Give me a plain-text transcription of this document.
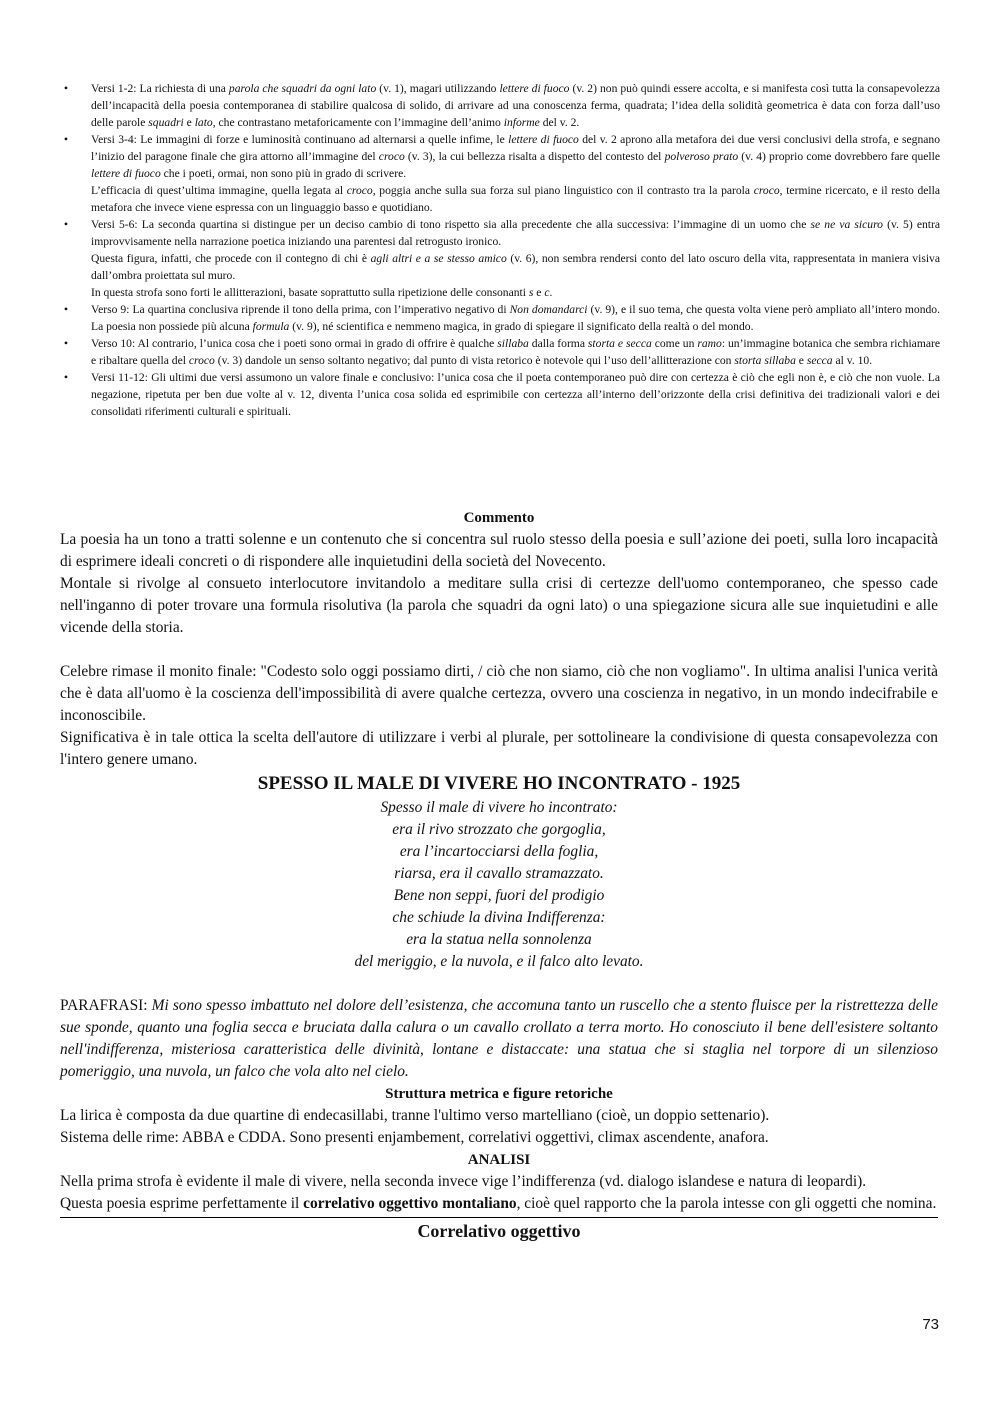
•	Versi 1-2: La richiesta di una parola che squadri da ogni lato (v. 1), magari utilizzando lettere di fuoco (v. 2) non può quindi essere accolta, e si manifesta così tutta la consapevolezza dell’incapacità della poesia contemporanea di stabilire qualcosa di solido, di arrivare ad una conoscenza ferma, quadrata; l’idea della solidità geometrica è data con forza dall’uso delle parole squadri e lato, che contrastano metaforicamente con l’immagine dell’animo informe del v. 2.

•	Versi 3-4: Le immagini di forze e luminosità continuano ad alternarsi a quelle infime, le lettere di fuoco del v. 2 aprono alla metafora dei due versi conclusivi della strofa, e segnano l’inizio del paragone finale che gira attorno all’immagine del croco (v. 3), la cui bellezza risalta a dispetto del contesto del polveroso prato (v. 4) proprio come dovrebbero fare quelle lettere di fuoco che i poeti, ormai, non sono più in grado di scrivere.

L’efficacia di quest’ultima immagine, quella legata al croco, poggia anche sulla sua forza sul piano linguistico con il contrasto tra la parola croco, termine ricercato, e il resto della metafora che invece viene espressa con un linguaggio basso e quotidiano.

•	Versi 5-6: La seconda quartina si distingue per un deciso cambio di tono rispetto sia alla precedente che alla successiva: l’immagine di un uomo che se ne va sicuro (v. 5) entra improvvisamente nella narrazione poetica iniziando una parentesi dal retrogusto ironico.

Questa figura, infatti, che procede con il contegno di chi è agli altri e a se stesso amico (v. 6), non sembra rendersi conto del lato oscuro della vita, rappresentata in maniera visiva dall’ombra proiettata sul muro.

In questa strofa sono forti le allitterazioni, basate soprattutto sulla ripetizione delle consonanti s e c.

•	Verso 9: La quartina conclusiva riprende il tono della prima, con l’imperativo negativo di Non domandarci (v. 9), e il suo tema, che questa volta viene però ampliato all’intero mondo. La poesia non possiede più alcuna formula (v. 9), né scientifica e nemmeno magica, in grado di spiegare il significato della realtà o del mondo.

•	Verso 10: Al contrario, l’unica cosa che i poeti sono ormai in grado di offrire è qualche sillaba dalla forma storta e secca come un ramo: un’immagine botanica che sembra richiamare e ribaltare quella del croco (v. 3) dandole un senso soltanto negativo; dal punto di vista retorico è notevole qui l’uso dell’allitterazione con storta sillaba e secca al v. 10.

•	Versi 11-12: Gli ultimi due versi assumono un valore finale e conclusivo: l’unica cosa che il poeta contemporaneo può dire con certezza è ciò che egli non è, e ciò che non vuole. La negazione, ripetuta per ben due volte al v. 12, diventa l’unica cosa solida ed esprimibile con certezza all’interno dell’orizzonte della crisi definitiva dei tradizionali valori e dei consolidati riferimenti culturali e spirituali.

Commento

La poesia ha un tono a tratti solenne e un contenuto che si concentra sul ruolo stesso della poesia e sull’azione dei poeti, sulla loro incapacità di esprimere ideali concreti o di rispondere alle inquietudini della società del Novecento.

Montale si rivolge al consueto interlocutore invitandolo a meditare sulla crisi di certezze dell'uomo contemporaneo, che spesso cade nell'inganno di poter trovare una formula risolutiva (la parola che squadri da ogni lato) o una spiegazione sicura alle sue inquietudini e alle vicende della storia.

Celebre rimase il monito finale: "Codesto solo oggi possiamo dirti, / ciò che non siamo, ciò che non vogliamo". In ultima analisi l'unica verità che è data all'uomo è la coscienza dell'impossibilità di avere qualche certezza, ovvero una coscienza in negativo, in un mondo indecifrabile e inconoscibile.

Significativa è in tale ottica la scelta dell'autore di utilizzare i verbi al plurale, per sottolineare la condivisione di questa consapevolezza con l'intero genere umano.

SPESSO IL MALE DI VIVERE HO INCONTRATO - 1925

Spesso il male di vivere ho incontrato:
era il rivo strozzato che gorgoglia,
era l’incartocciarsi della foglia,
riarsa, era il cavallo stramazzato.
Bene non seppi, fuori del prodigio
che schiude la divina Indifferenza:
era la statua nella sonnolenza
del meriggio, e la nuvola, e il falco alto levato.

PARAFRASI: Mi sono spesso imbattuto nel dolore dell’esistenza, che accomuna tanto un ruscello che a stento fluisce per la ristrettezza delle sue sponde, quanto una foglia secca e bruciata dalla calura o un cavallo crollato a terra morto. Ho conosciuto il bene dell'esistere soltanto nell'indifferenza, misteriosa caratteristica delle divinità, lontane e distaccate: una statua che si staglia nel torpore di un silenzioso pomeriggio, una nuvola, un falco che vola alto nel cielo.

Struttura metrica e figure retoriche

La lirica è composta da due quartine di endecasillabi, tranne l'ultimo verso martelliano (cioè, un doppio settenario).

Sistema delle rime: ABBA e CDDA. Sono presenti enjambement, correlativi oggettivi, climax ascendente, anafora.

ANALISI

Nella prima strofa è evidente il male di vivere, nella seconda invece vige l’indifferenza (vd. dialogo islandese e natura di leopardi).

Questa poesia esprime perfettamente il correlativo oggettivo montaliano, cioè quel rapporto che la parola intesse con gli oggetti che nomina.

Correlativo oggettivo

73
